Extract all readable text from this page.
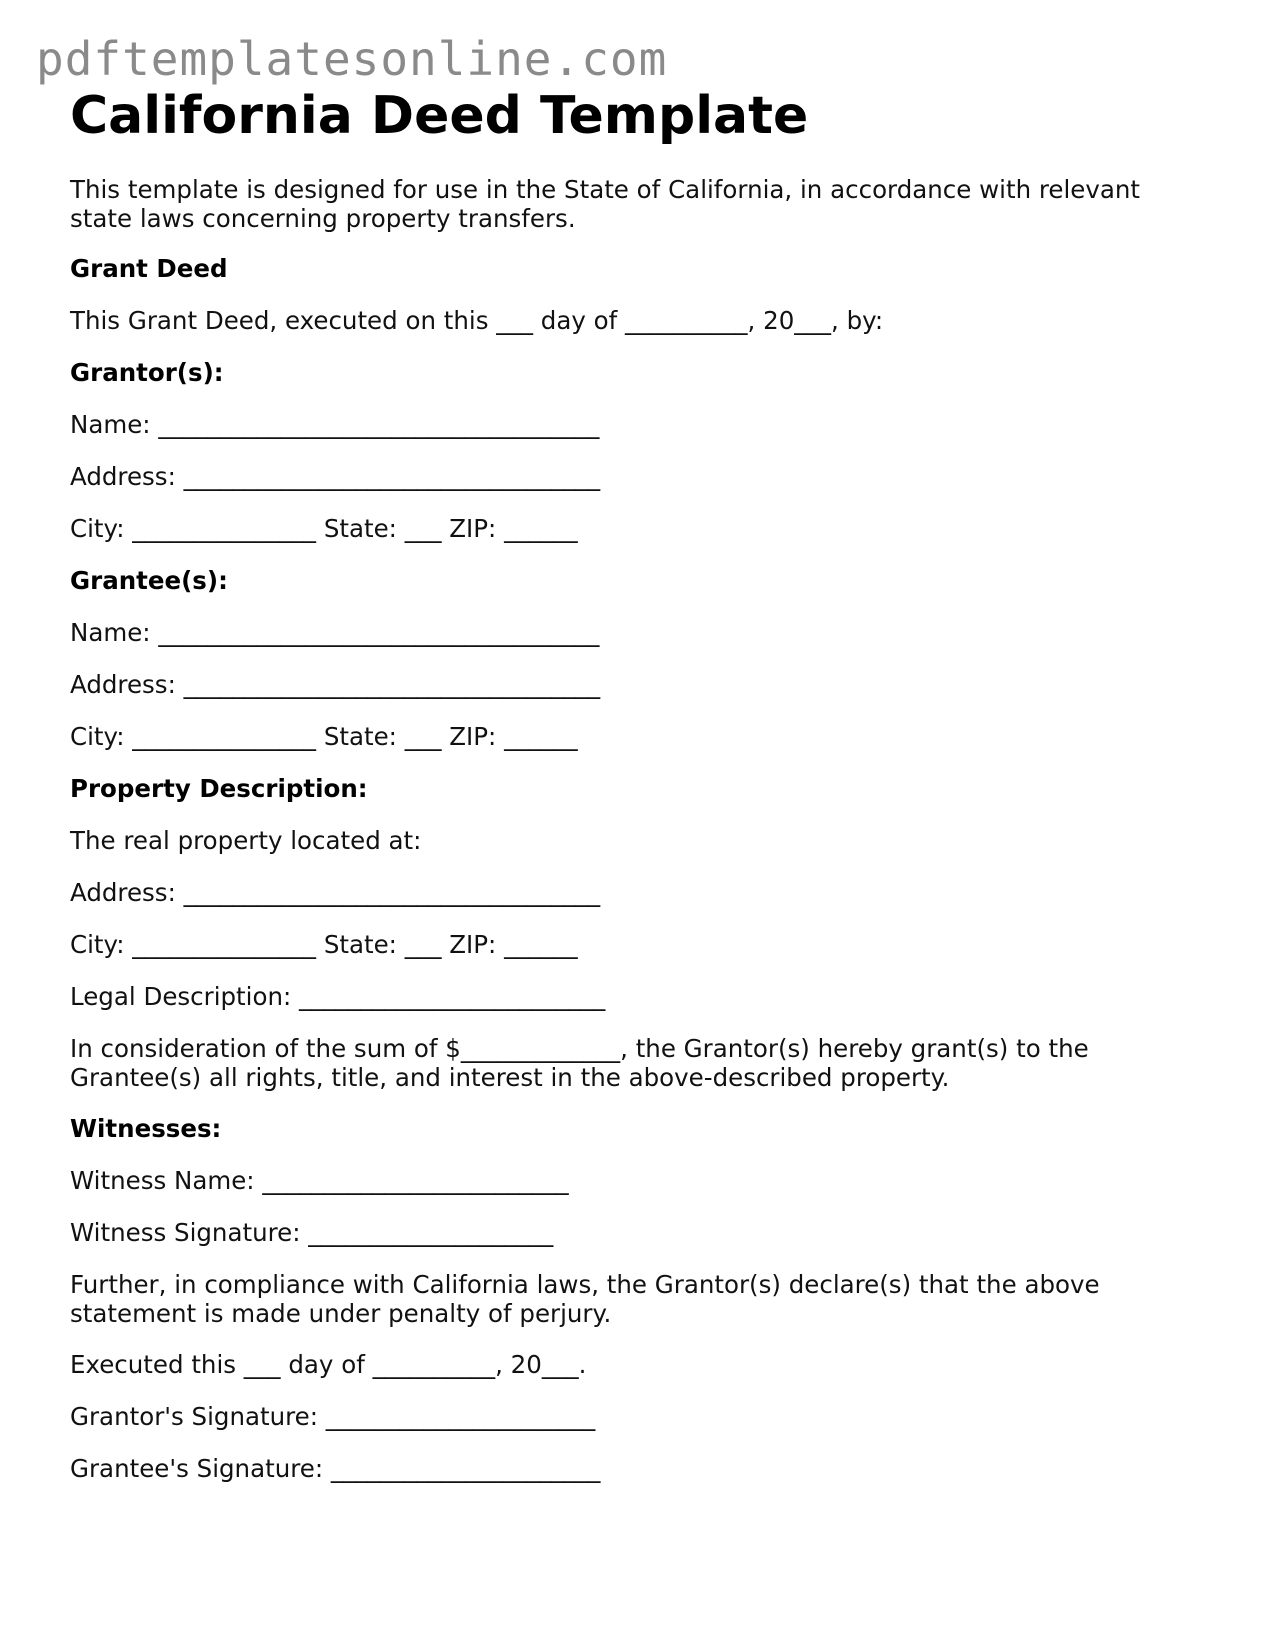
pdftemplatesonline.com
California Deed Template
This template is designed for use in the State of California, in accordance with relevant state laws concerning property transfers.
Grant Deed
This Grant Deed, executed on this ___ day of __________, 20___, by:
Grantor(s):
Name: ____________________________________
Address: __________________________________
City: _______________ State: ___ ZIP: ______
Grantee(s):
Name: ____________________________________
Address: __________________________________
City: _______________ State: ___ ZIP: ______
Property Description:
The real property located at:
Address: __________________________________
City: _______________ State: ___ ZIP: ______
Legal Description: _________________________
In consideration of the sum of $_____________, the Grantor(s) hereby grant(s) to the Grantee(s) all rights, title, and interest in the above-described property.
Witnesses:
Witness Name: _________________________
Witness Signature: ____________________
Further, in compliance with California laws, the Grantor(s) declare(s) that the above statement is made under penalty of perjury.
Executed this ___ day of __________, 20___.
Grantor's Signature: ______________________
Grantee's Signature: ______________________
